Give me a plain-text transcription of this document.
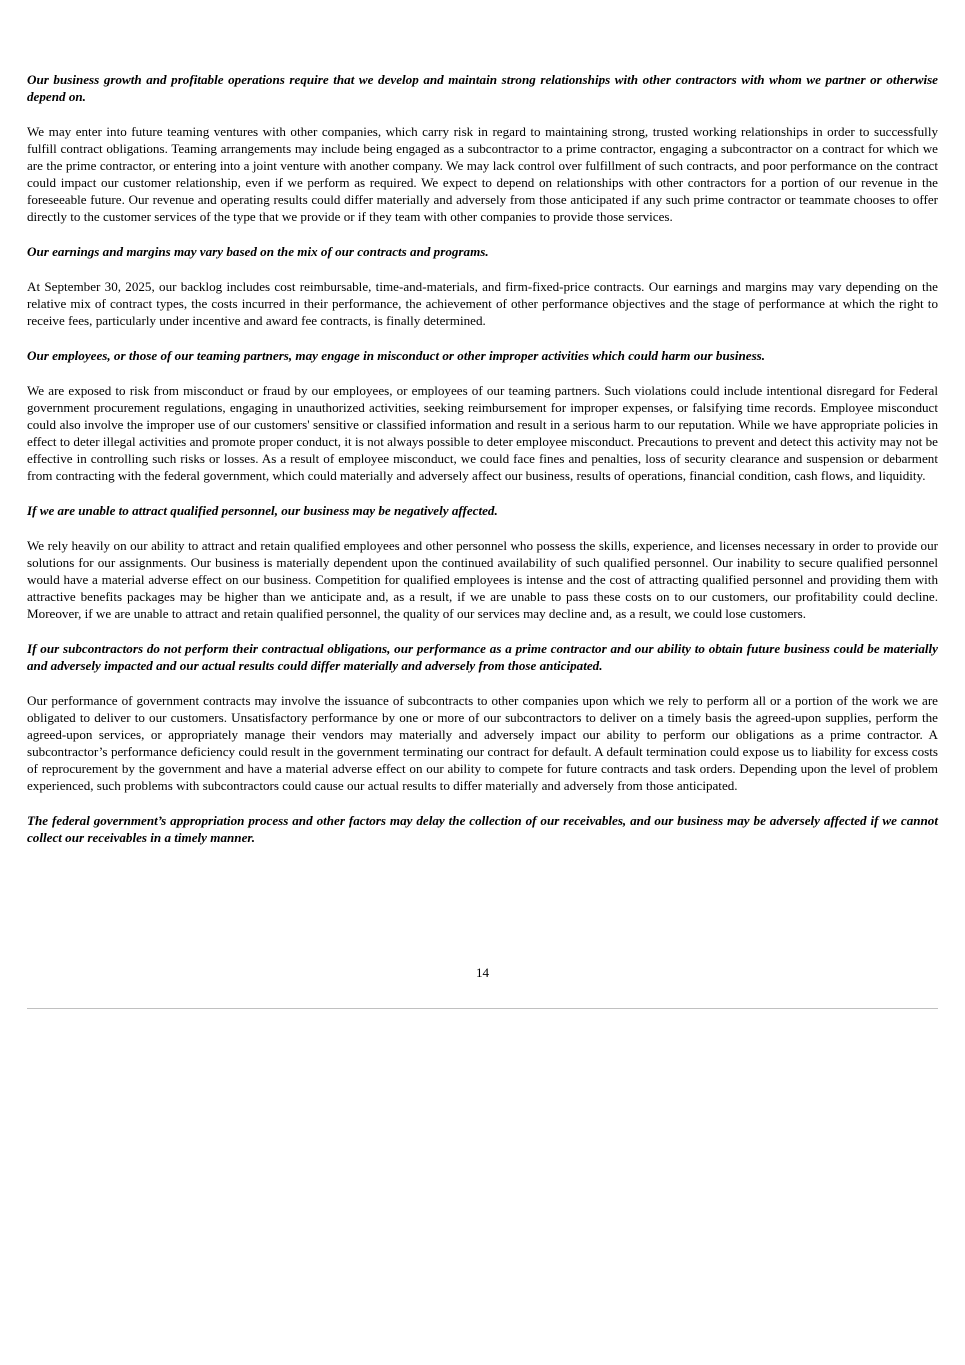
Our business growth and profitable operations require that we develop and maintain strong relationships with other contractors with whom we partner or otherwise depend on.

We may enter into future teaming ventures with other companies, which carry risk in regard to maintaining strong, trusted working relationships in order to successfully fulfill contract obligations. Teaming arrangements may include being engaged as a subcontractor to a prime contractor, engaging a subcontractor on a contract for which we are the prime contractor, or entering into a joint venture with another company. We may lack control over fulfillment of such contracts, and poor performance on the contract could impact our customer relationship, even if we perform as required. We expect to depend on relationships with other contractors for a portion of our revenue in the foreseeable future. Our revenue and operating results could differ materially and adversely from those anticipated if any such prime contractor or teammate chooses to offer directly to the customer services of the type that we provide or if they team with other companies to provide those services.

Our earnings and margins may vary based on the mix of our contracts and programs.

At September 30, 2025, our backlog includes cost reimbursable, time-and-materials, and firm-fixed-price contracts. Our earnings and margins may vary depending on the relative mix of contract types, the costs incurred in their performance, the achievement of other performance objectives and the stage of performance at which the right to receive fees, particularly under incentive and award fee contracts, is finally determined.

Our employees, or those of our teaming partners, may engage in misconduct or other improper activities which could harm our business.

We are exposed to risk from misconduct or fraud by our employees, or employees of our teaming partners. Such violations could include intentional disregard for Federal government procurement regulations, engaging in unauthorized activities, seeking reimbursement for improper expenses, or falsifying time records. Employee misconduct could also involve the improper use of our customers' sensitive or classified information and result in a serious harm to our reputation. While we have appropriate policies in effect to deter illegal activities and promote proper conduct, it is not always possible to deter employee misconduct. Precautions to prevent and detect this activity may not be effective in controlling such risks or losses. As a result of employee misconduct, we could face fines and penalties, loss of security clearance and suspension or debarment from contracting with the federal government, which could materially and adversely affect our business, results of operations, financial condition, cash flows, and liquidity.

If we are unable to attract qualified personnel, our business may be negatively affected.

We rely heavily on our ability to attract and retain qualified employees and other personnel who possess the skills, experience, and licenses necessary in order to provide our solutions for our assignments. Our business is materially dependent upon the continued availability of such qualified personnel. Our inability to secure qualified personnel would have a material adverse effect on our business. Competition for qualified employees is intense and the cost of attracting qualified personnel and providing them with attractive benefits packages may be higher than we anticipate and, as a result, if we are unable to pass these costs on to our customers, our profitability could decline. Moreover, if we are unable to attract and retain qualified personnel, the quality of our services may decline and, as a result, we could lose customers.

If our subcontractors do not perform their contractual obligations, our performance as a prime contractor and our ability to obtain future business could be materially and adversely impacted and our actual results could differ materially and adversely from those anticipated.

Our performance of government contracts may involve the issuance of subcontracts to other companies upon which we rely to perform all or a portion of the work we are obligated to deliver to our customers. Unsatisfactory performance by one or more of our subcontractors to deliver on a timely basis the agreed-upon supplies, perform the agreed-upon services, or appropriately manage their vendors may materially and adversely impact our ability to perform our obligations as a prime contractor. A subcontractor’s performance deficiency could result in the government terminating our contract for default. A default termination could expose us to liability for excess costs of reprocurement by the government and have a material adverse effect on our ability to compete for future contracts and task orders. Depending upon the level of problem experienced, such problems with subcontractors could cause our actual results to differ materially and adversely from those anticipated.

The federal government’s appropriation process and other factors may delay the collection of our receivables, and our business may be adversely affected if we cannot collect our receivables in a timely manner.

14
